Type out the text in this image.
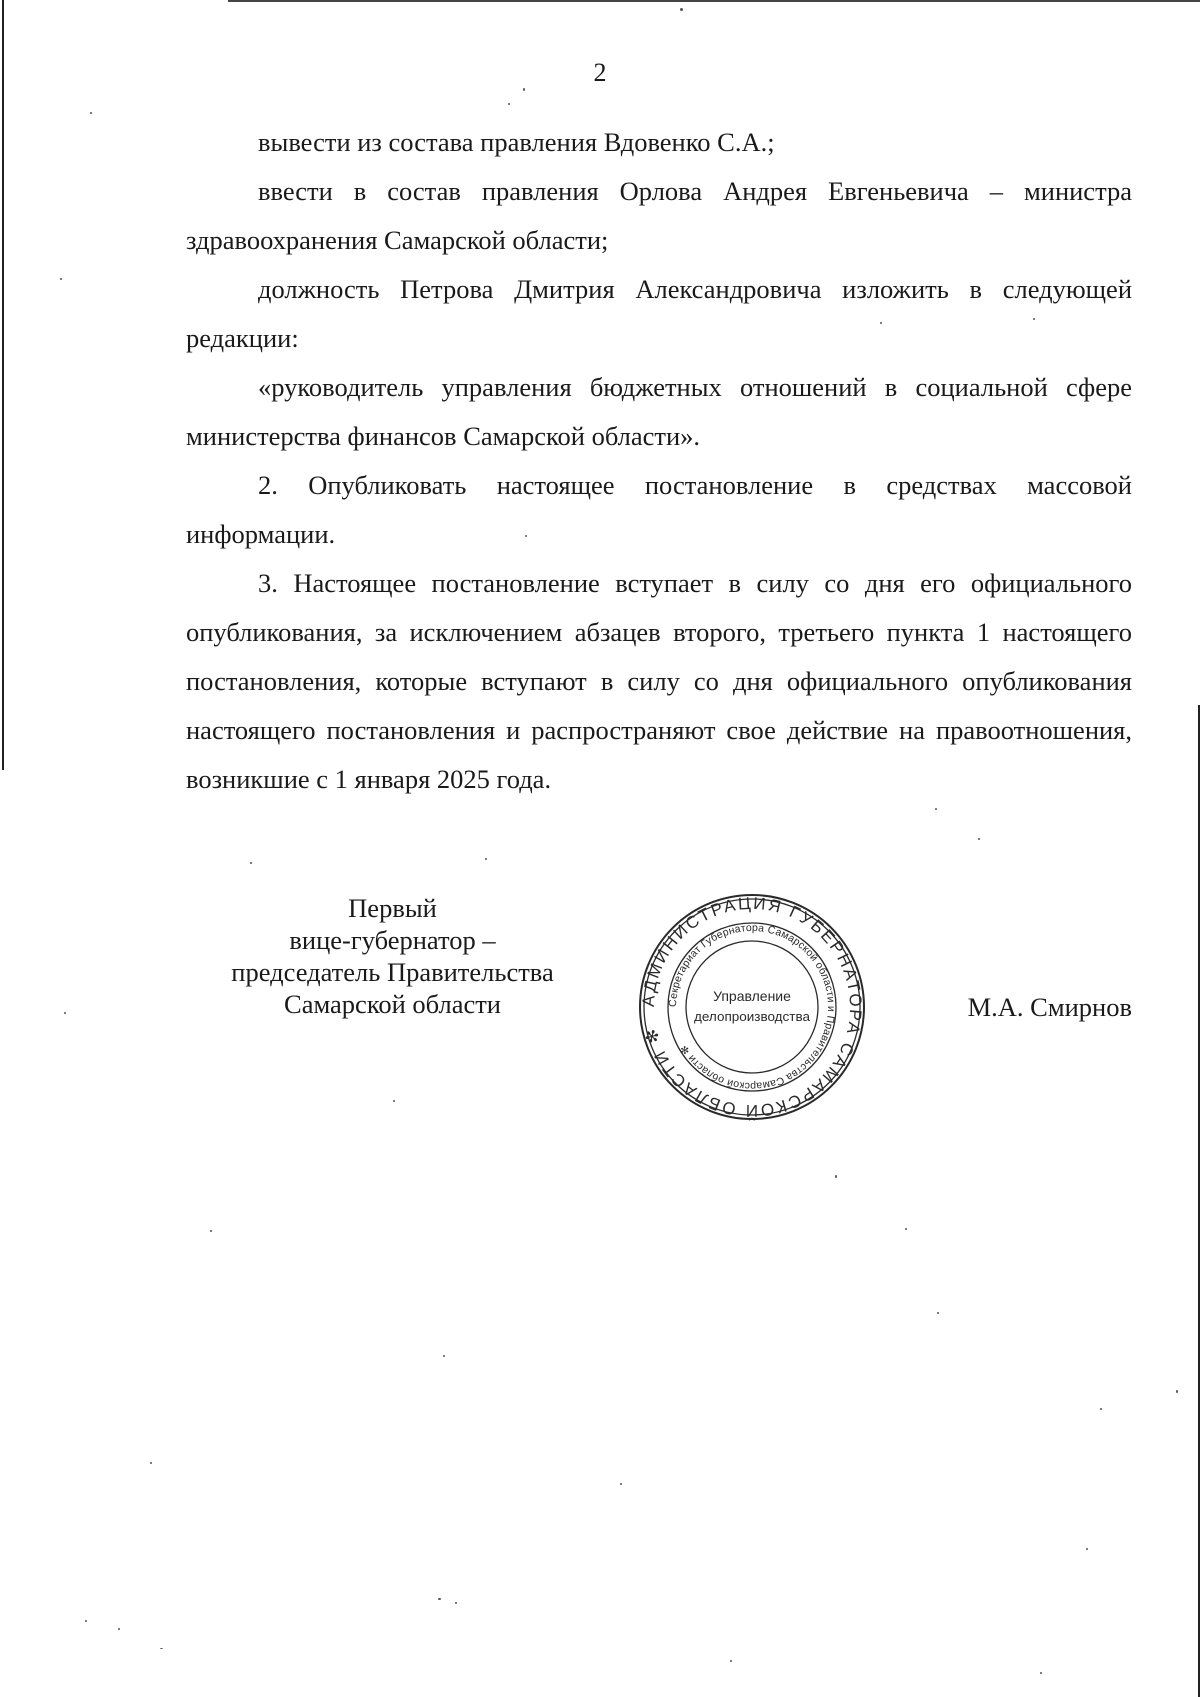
2

вывести из состава правления Вдовенко С.А.;

ввести в состав правления Орлова Андрея Евгеньевича – министра здравоохранения Самарской области;

должность Петрова Дмитрия Александровича изложить в следующей редакции:

«руководитель управления бюджетных отношений в социальной сфере министерства финансов Самарской области».

2. Опубликовать настоящее постановление в средствах массовой информации.

3. Настоящее постановление вступает в силу со дня его официального опубликования, за исключением абзацев второго, третьего пункта 1 настоящего постановления, которые вступают в силу со дня официального опубликования настоящего постановления и распространяют свое действие на правоотношения, возникшие с 1 января 2025 года.

Первый
вице-губернатор –
председатель Правительства
Самарской области	АДМИНИСТРАЦИЯ ГУБЕРНАТОРА САМАРСКОЙ ОБЛАСТИ ✻
Секретариат Губернатора Самарской области и Правительства Самарской области ✻
Управление
делопроизводства	М.А. Смирнов
